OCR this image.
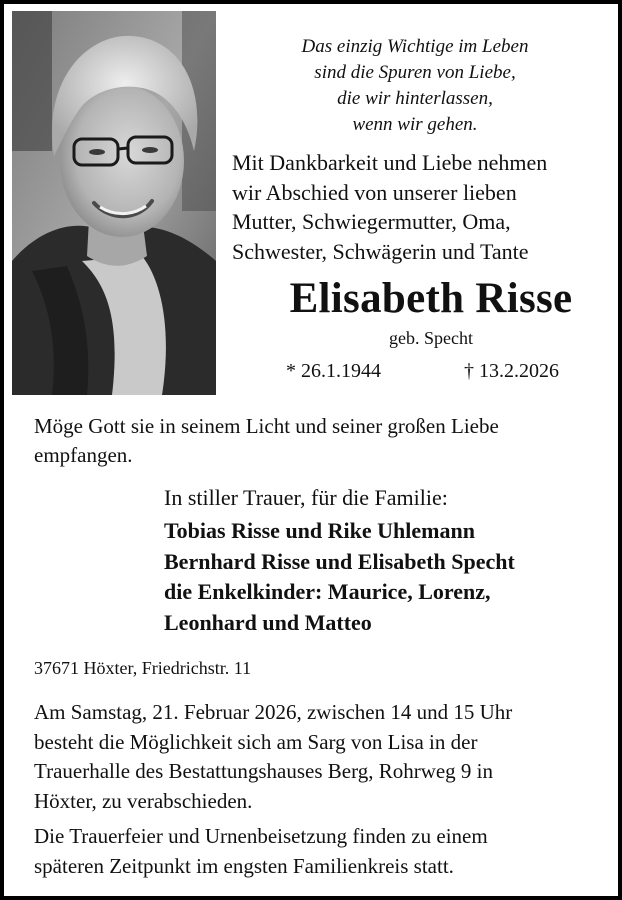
Das einzig Wichtige im Leben
sind die Spuren von Liebe,
die wir hinterlassen,
wenn wir gehen.
Mit Dankbarkeit und Liebe nehmen
wir Abschied von unserer lieben
Mutter, Schwiegermutter, Oma,
Schwester, Schwägerin und Tante
Elisabeth Risse
geb. Specht
* 26.1.1944	† 13.2.2026
Möge Gott sie in seinem Licht und seiner großen Liebe
empfangen.
In stiller Trauer, für die Familie:
Tobias Risse und Rike Uhlemann
Bernhard Risse und Elisabeth Specht
die Enkelkinder: Maurice, Lorenz,
Leonhard und Matteo
37671 Höxter, Friedrichstr. 11
Am Samstag, 21. Februar 2026, zwischen 14 und 15 Uhr
besteht die Möglichkeit sich am Sarg von Lisa in der
Trauerhalle des Bestattungshauses Berg, Rohrweg 9 in
Höxter, zu verabschieden.
Die Trauerfeier und Urnenbeisetzung finden zu einem
späteren Zeitpunkt im engsten Familienkreis statt.
